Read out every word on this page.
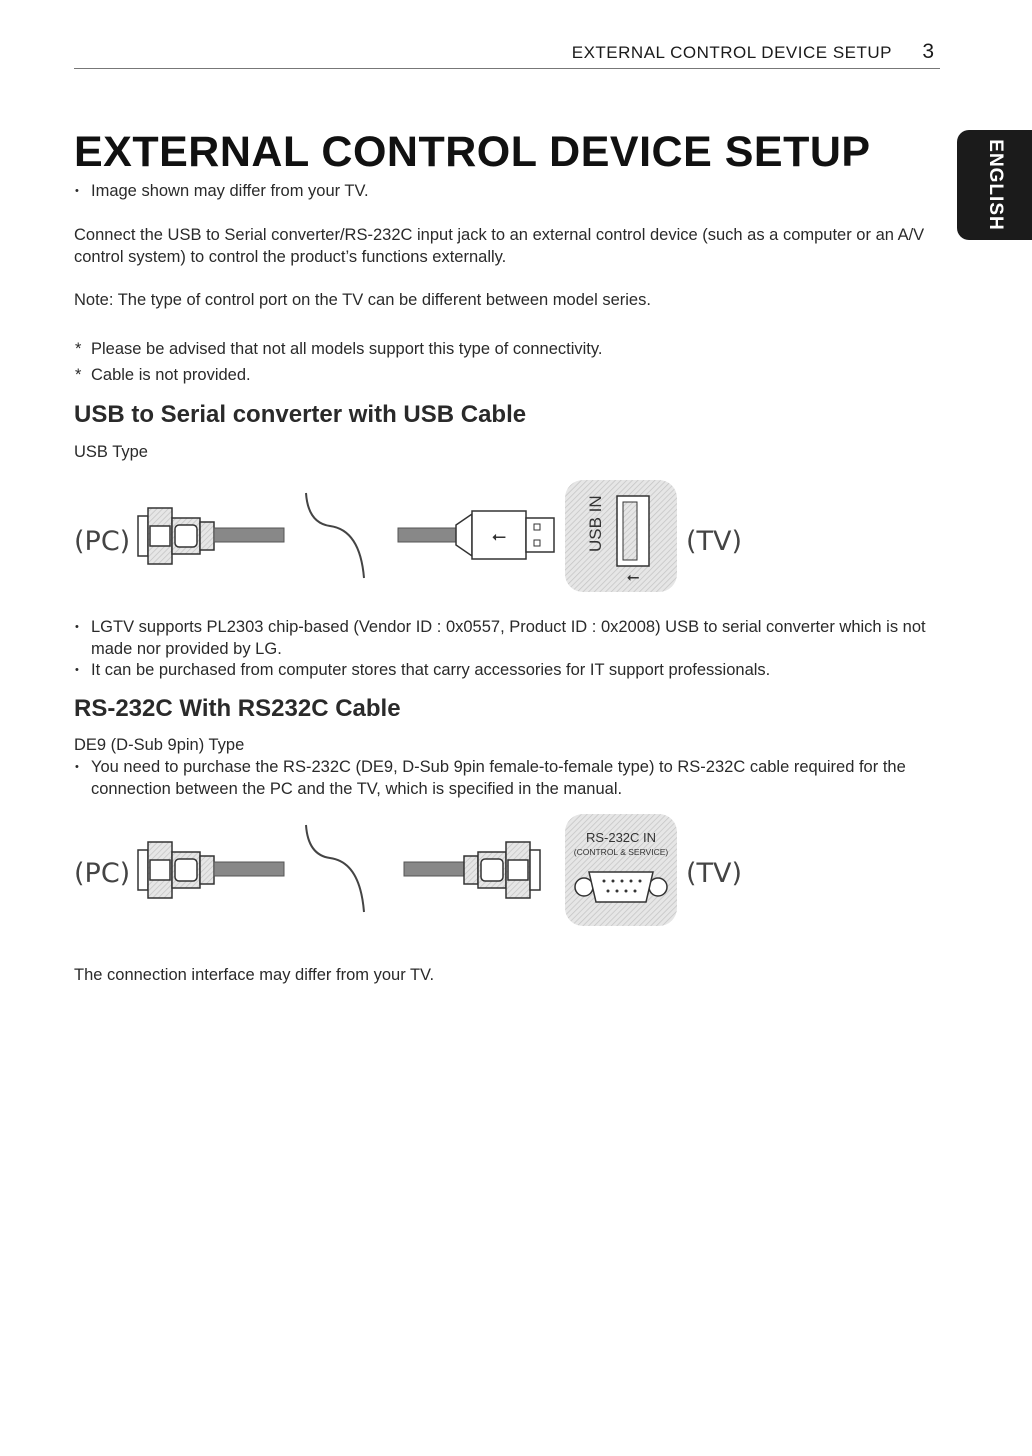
EXTERNAL CONTROL DEVICE SETUP 3
ENGLISH
EXTERNAL CONTROL DEVICE SETUP

• Image shown may differ from your TV.

Connect the USB to Serial converter/RS-232C input jack to an external control device (such as a computer or an A/V control system) to control the product’s functions externally.

Note: The type of control port on the TV can be different between model series.

* Please be advised that not all models support this type of connectivity.

* Cable is not provided.

USB to Serial converter with USB Cable

USB Type

(PC)	⭠	USB IN
⭠
(TV)

• LGTV supports PL2303 chip-based (Vendor ID : 0x0557, Product ID : 0x2008) USB to serial converter which is not made nor provided by LG.

• It can be purchased from computer stores that carry accessories for IT support professionals.

RS-232C With RS232C Cable

DE9 (D-Sub 9pin) Type

• You need to purchase the RS-232C (DE9, D-Sub 9pin female-to-female type) to RS-232C cable required for the connection between the PC and the TV, which is specified in the manual.

(PC)
RS-232C IN
(CONTROL & SERVICE)
(TV)

The connection interface may differ from your TV.
